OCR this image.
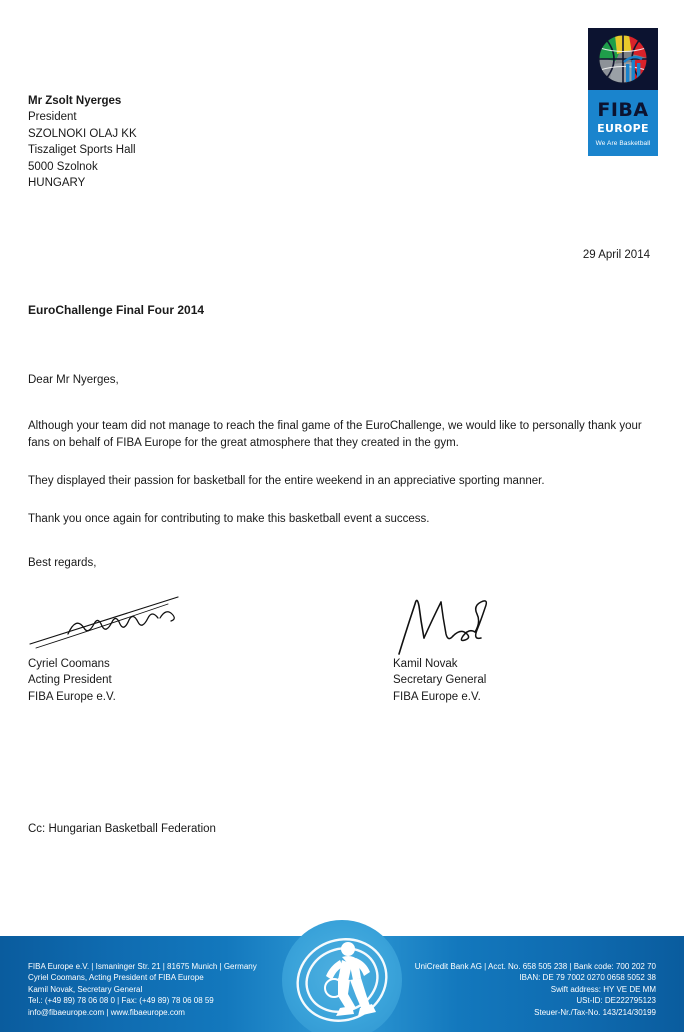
FIBA
EUROPE
We Are Basketball
Mr Zsolt Nyerges
President
SZOLNOKI OLAJ KK
Tiszaliget Sports Hall
5000 Szolnok
HUNGARY
29 April 2014
EuroChallenge Final Four 2014

Dear Mr Nyerges,

Although your team did not manage to reach the final game of the EuroChallenge, we would like to personally thank your fans on behalf of FIBA Europe for the great atmosphere that they created in the gym.

They displayed their passion for basketball for the entire weekend in an appreciative sporting manner.

Thank you once again for contributing to make this basketball event a success.

Best regards,

Cyriel Coomans
Acting President
FIBA Europe e.V.
Kamil Novak
Secretary General
FIBA Europe e.V.
Cc: Hungarian Basketball Federation
FIBA Europe e.V. | Ismaninger Str. 21 | 81675 Munich | Germany
Cyriel Coomans, Acting President of FIBA Europe
Kamil Novak, Secretary General
Tel.: (+49 89) 78 06 08 0 | Fax: (+49 89) 78 06 08 59
info@fibaeurope.com | www.fibaeurope.com
UniCredit Bank AG | Acct. No. 658 505 238 | Bank code: 700 202 70
IBAN: DE 79 7002 0270 0658 5052 38
Swift address: HY VE DE MM
USt-ID: DE222795123
Steuer-Nr./Tax-No. 143/214/30199
